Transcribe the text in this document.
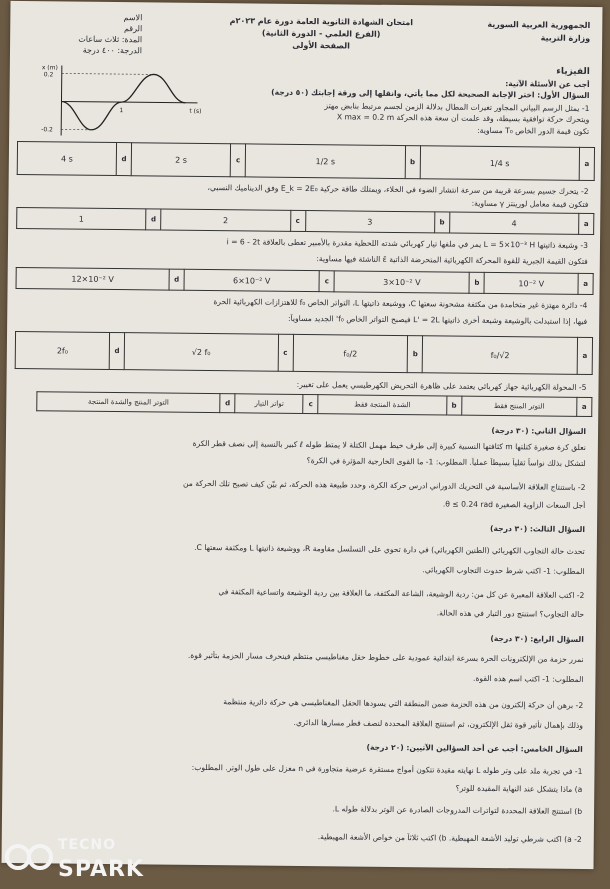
الجمهورية العربية السورية
وزارة التربية
امتحان الشهادة الثانوية العامة دورة عام ٢٠٢٣م
(الفرع العلمي - الدورة الثانية)
الصفحة الأولى
الاسم
الرقم
المدة: ثلاث ساعات
الدرجة: ٤٠٠ درجة
x (m)
0.2
-0.2
t (s)
1
الفيزياء
أجب عن الأسئلة الآتية:
السؤال الأول: اختر الإجابة الصحيحة لكل مما يأتي، وانقلها إلى ورقة إجابتك (٥٠ درجة)
1- يمثل الرسم البياني المجاور تغيرات المطال بدلالة الزمن لجسم مرتبط بنابض مهتز
ويتحرك حركة توافقية بسيطة، وقد علمت أن سعة هذه الحركة X max = 0.2 m
تكون قيمة الدور الخاص T₀ مساوية:
4 s	d	2 s	c	1/2 s	b	1/4 s	a
2- يتحرك جسيم بسرعة قريبة من سرعة انتشار الضوء في الخلاء، ويمتلك طاقة حركية E_k = 2E₀ وفق الديناميك النسبي،
فتكون قيمة معامل لورينتز γ مساوية:
1	d	2	c	3	b	4	a
3- وشيعة ذاتيتها L = 5×10⁻³ H يمر في ملفها تيار كهربائي شدته اللحظية مقدرة بالأمبير تعطى بالعلاقة i = 6 - 2t
فتكون القيمة الجبرية للقوة المحركة الكهربائية المتحرضة الذاتية ε̄ الناشئة فيها مساوية:
12×10⁻² V	d	6×10⁻² V	c	3×10⁻² V	b	10⁻² V	a
4- دائرة مهتزة غير متخامدة من مكثفة مشحونة سعتها C، ووشيعة ذاتيتها L، التواتر الخاص f₀ للاهتزازات الكهربائية الحرة
فيها، إذا استبدلت بالوشيعة وشيعة أخرى ذاتيتها L' = 2L فيصبح التواتر الخاص f₀' الجديد مساوياً:
2f₀	d	√2 f₀	c	f₀/2	b	f₀/√2	a
5- المحولة الكهربائية جهاز كهربائي يعتمد على ظاهرة التحريض الكهرطيسي يعمل على تغيير:
التوتر المنتج والشدة المنتجة	d	تواتر التيار	c	الشدة المنتجة فقط	b	التوتر المنتج فقط	a
السؤال الثاني: (٣٠ درجة)
نعلق كرة صغيرة كتلتها m كثافتها النسبية كبيرة إلى طرف خيط مهمل الكتلة لا يمتط طوله ℓ كبير بالنسبة إلى نصف قطر الكرة
لتشكل بذلك نواساً ثقلياً بسيطاً عملياً. المطلوب: 1- ما القوى الخارجية المؤثرة في الكرة؟
2- باستنتاج العلاقة الأساسية في التحريك الدوراني ادرس حركة الكرة، وحدد طبيعة هذه الحركة، ثم بيّن كيف تصبح تلك الحركة من
أجل السعات الزاوية الصغيرة θ ≤ 0.24 rad.
السؤال الثالث: (٣٠ درجة)
تحدث حالة التجاوب الكهربائي (الطنين الكهربائي) في دارة تحوي على التسلسل مقاومة R، ووشيعة ذاتيتها L ومكثفة سعتها C.
المطلوب: 1- اكتب شرط حدوث التجاوب الكهربائي.
2- اكتب العلاقة المعبرة عن كل من: ردية الوشيعة، الشاعة المكثفة، ما العلاقة بين ردية الوشيعة واتساعية المكثفة في
حالة التجاوب؟ استنتج دور التيار في هذه الحالة.
السؤال الرابع: (٣٠ درجة)
نمرر حزمة من الإلكترونات الحرة بسرعة ابتدائية عمودية على خطوط حقل مغناطيسي منتظم فينحرف مسار الحزمة بتأثير قوة.
المطلوب: 1- اكتب اسم هذه القوة.
2- برهن أن حركة إلكترون من هذه الحزمة ضمن المنطقة التي يسودها الحقل المغناطيسي هي حركة دائرية منتظمة
وذلك بإهمال تأثير قوة ثقل الإلكترون، ثم استنتج العلاقة المحددة لنصف قطر مسارها الدائري.
السؤال الخامس: أجب عن أحد السؤالين الآتيين: (٢٠ درجة)
1- في تجربة ملد على وتر طوله L نهايته مقيدة تتكون أمواج مستقرة عرضية متجاورة في n مغزل على طول الوتر. المطلوب:
a) ماذا يتشكل عند النهاية المقيدة للوتر؟
b) استنتج العلاقة المحددة لتواترات المدروجات الصادرة عن الوتر بدلالة طوله L.
2- a) اكتب شرطي توليد الأشعة المهبطية. b) اكتب ثلاثاً من خواص الأشعة المهبطية.
TECNO
SPARK
